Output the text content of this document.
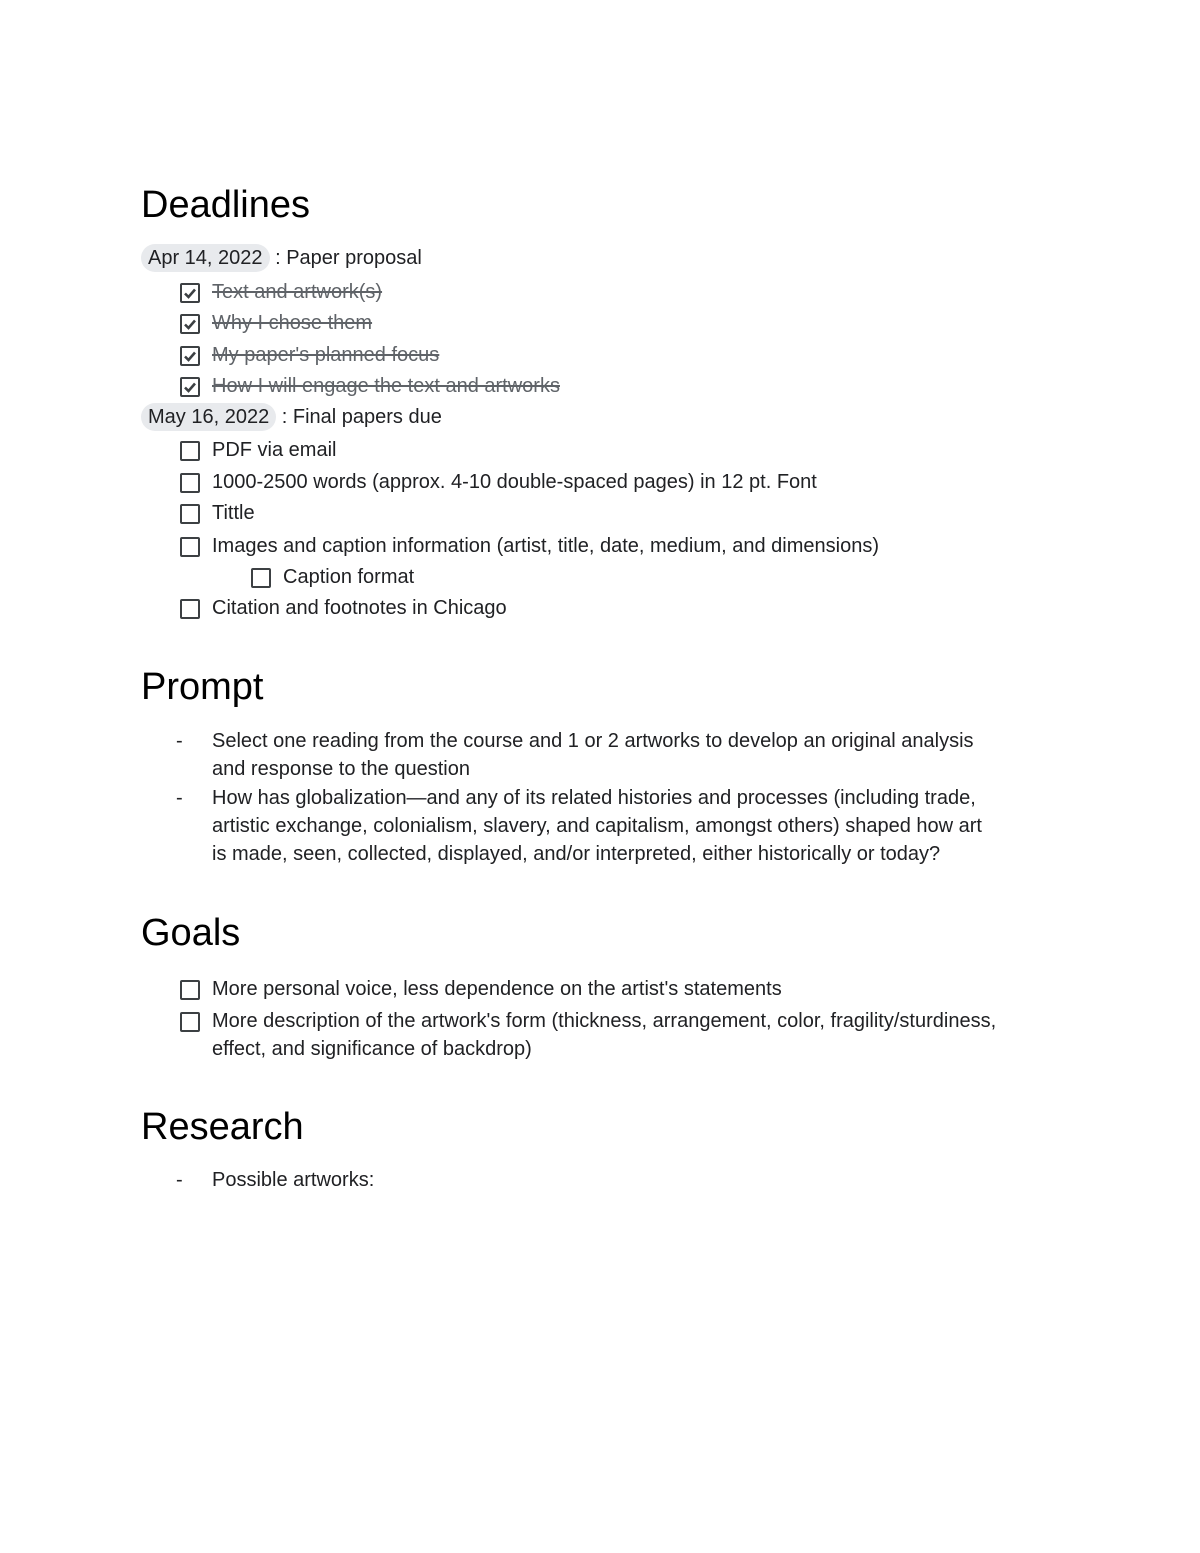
Deadlines
Apr 14, 2022 : Paper proposal
Text and artwork(s)
Why I chose them
My paper's planned focus
How I will engage the text and artworks
May 16, 2022 : Final papers due
PDF via email
1000-2500 words (approx. 4-10 double-spaced pages) in 12 pt. Font
Tittle
Images and caption information (artist, title, date, medium, and dimensions)
Caption format
Citation and footnotes in Chicago
Prompt
-	Select one reading from the course and 1 or 2 artworks to develop an original analysis
and response to the question
-	How has globalization—and any of its related histories and processes (including trade,
artistic exchange, colonialism, slavery, and capitalism, amongst others) shaped how art
is made, seen, collected, displayed, and/or interpreted, either historically or today?
Goals
More personal voice, less dependence on the artist's statements
More description of the artwork's form (thickness, arrangement, color, fragility/sturdiness,
effect, and significance of backdrop)
Research
-	Possible artworks:
